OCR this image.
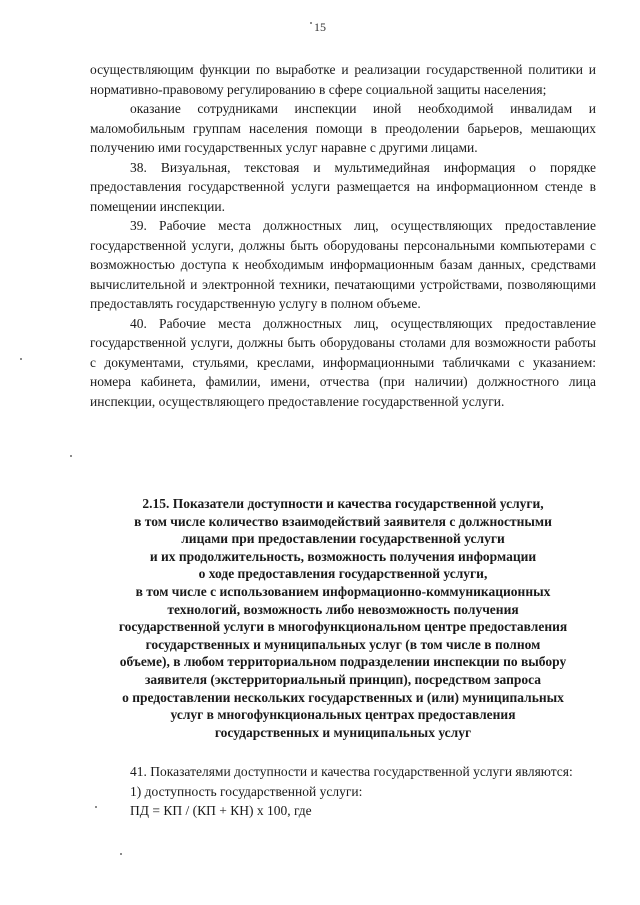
15

осуществляющим функции по выработке и реализации государственной политики и нормативно-правовому регулированию в сфере социальной защиты населения;

оказание сотрудниками инспекции иной необходимой инвалидам и маломобильным группам населения помощи в преодолении барьеров, мешающих получению ими государственных услуг наравне с другими лицами.

38. Визуальная, текстовая и мультимедийная информация о порядке предоставления государственной услуги размещается на информационном стенде в помещении инспекции.

39. Рабочие места должностных лиц, осуществляющих предоставление государственной услуги, должны быть оборудованы персональными компьютерами с возможностью доступа к необходимым информационным базам данных, средствами вычислительной и электронной техники, печатающими устройствами, позволяющими предоставлять государственную услугу в полном объеме.

40. Рабочие места должностных лиц, осуществляющих предоставление государственной услуги, должны быть оборудованы столами для возможности работы с документами, стульями, креслами, информационными табличками с указанием: номера кабинета, фамилии, имени, отчества (при наличии) должностного лица инспекции, осуществляющего предоставление государственной услуги.

2.15. Показатели доступности и качества государственной услуги,
в том числе количество взаимодействий заявителя с должностными
лицами при предоставлении государственной услуги
и их продолжительность, возможность получения информации
о ходе предоставления государственной услуги,
в том числе с использованием информационно-коммуникационных
технологий, возможность либо невозможность получения
государственной услуги в многофункциональном центре предоставления
государственных и муниципальных услуг (в том числе в полном
объеме), в любом территориальном подразделении инспекции по выбору
заявителя (экстерриториальный принцип), посредством запроса
о предоставлении нескольких государственных и (или) муниципальных
услуг в многофункциональных центрах предоставления
государственных и муниципальных услуг

41. Показателями доступности и качества государственной услуги являются:

1) доступность государственной услуги:

ПД = КП / (КП + КН) х 100, где
